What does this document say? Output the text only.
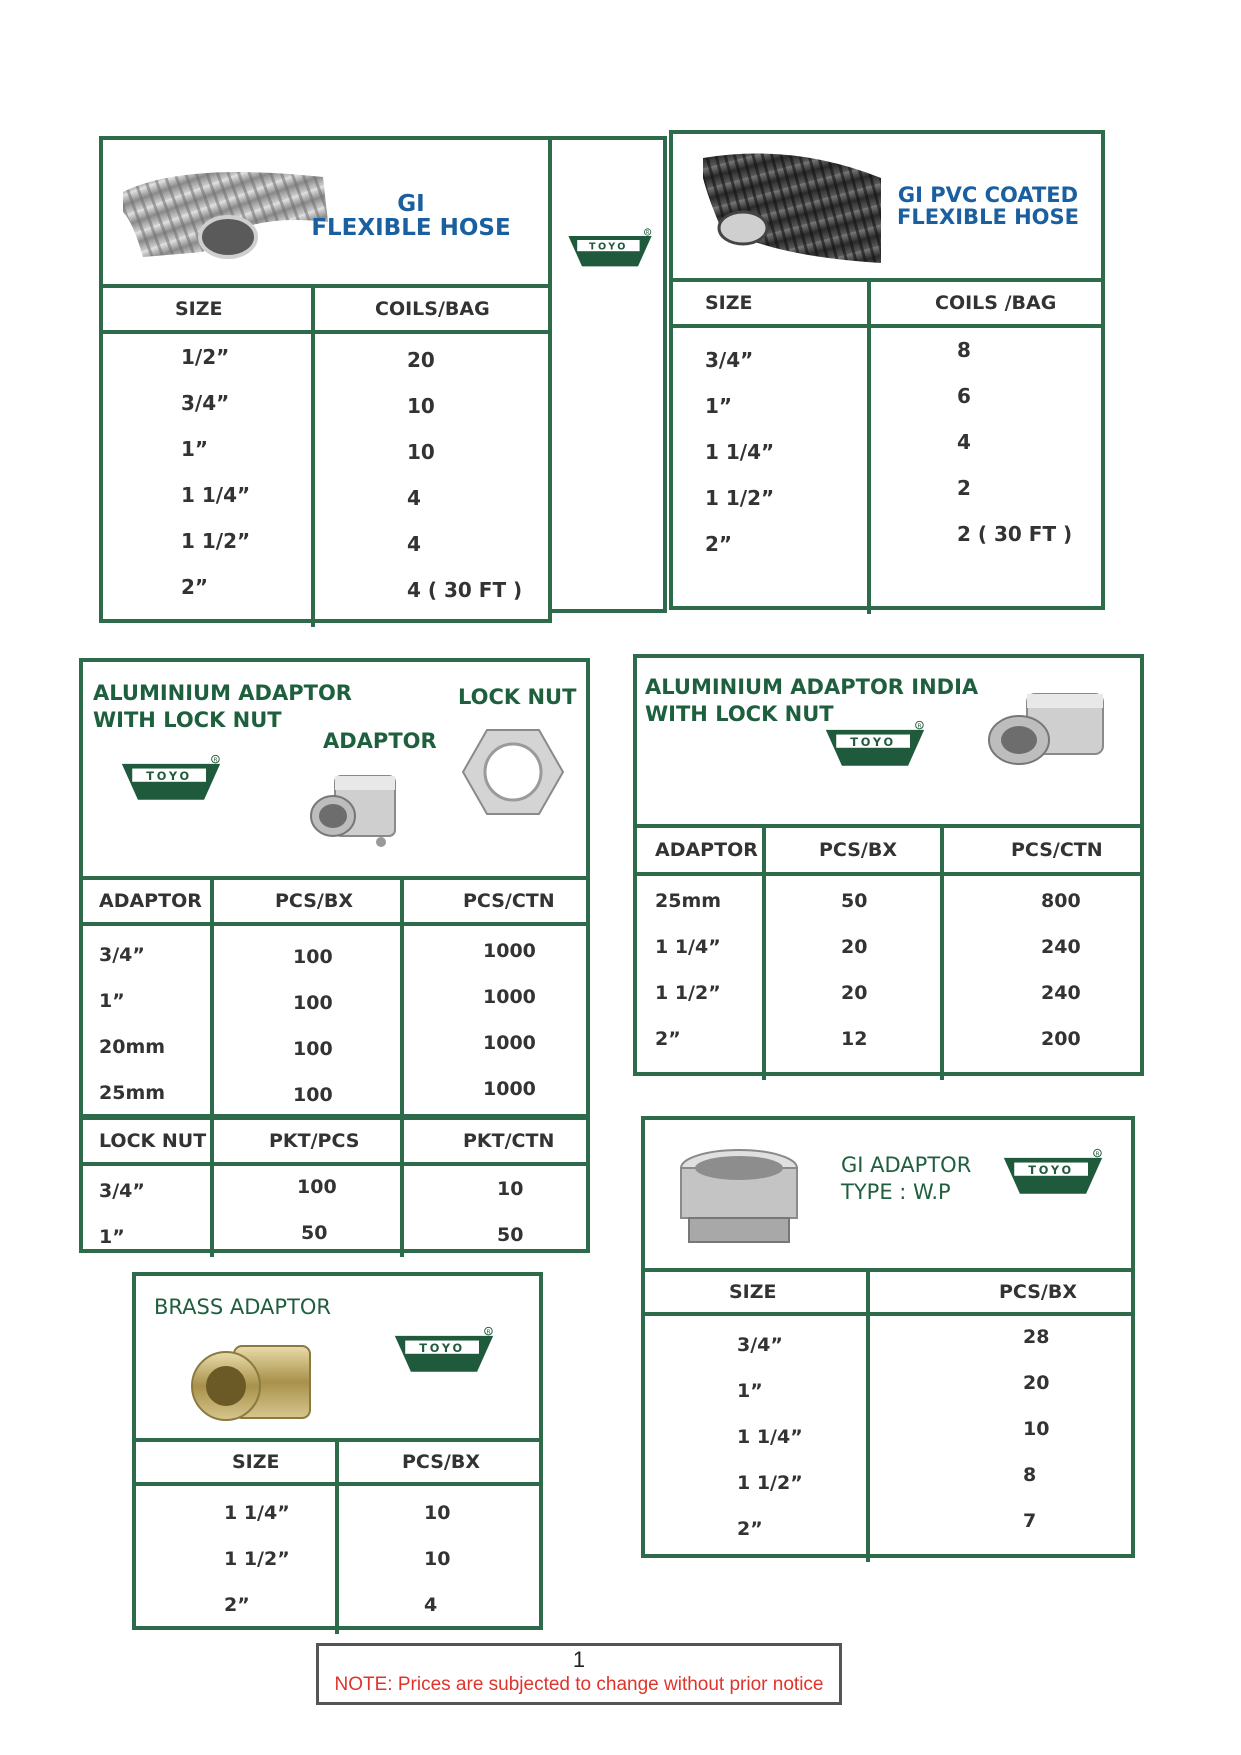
GI
FLEXIBLE HOSE
SIZE	COILS/BAG
1/2”	20
3/4”	10
1”	10
1 1/4”	4
1 1/2”	4
2”	4 ( 30 FT )
GI PVC COATED
FLEXIBLE HOSE
SIZE	COILS /BAG
3/4”	8
1”	6
1 1/4”	4
1 1/2”	2
2”	2 ( 30 FT )
ALUMINIUM ADAPTOR
WITH LOCK NUT
ADAPTOR
LOCK NUT
ADAPTOR	PCS/BX	PCS/CTN
3/4”	100	1000
1”	100	1000
20mm	100	1000
25mm	100	1000
LOCK NUT	PKT/PCS	PKT/CTN
3/4”	100	10
1”	50	50
ALUMINIUM ADAPTOR INDIA
WITH LOCK NUT
ADAPTOR	PCS/BX	PCS/CTN
25mm	50	800
1 1/4”	20	240
1 1/2”	20	240
2”	12	200
GI ADAPTOR
TYPE : W.P
SIZE	PCS/BX
3/4”	28
1”	20
1 1/4”	10
1 1/2”	8
2”	7
BRASS ADAPTOR
SIZE	PCS/BX
1 1/4”	10
1 1/2”	10
2”	4
1
NOTE: Prices are subjected to change without prior notice
